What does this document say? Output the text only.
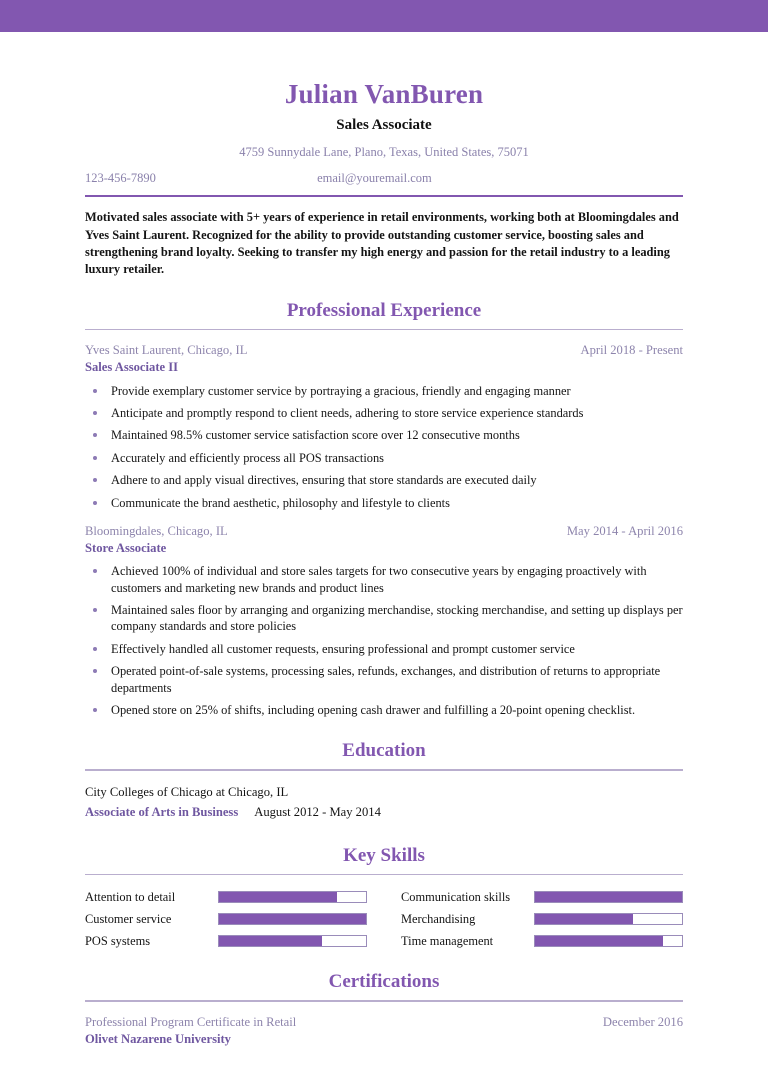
Julian VanBuren
Sales Associate
4759 Sunnydale Lane, Plano, Texas, United States, 75071
123-456-7890	email@youremail.com
Motivated sales associate with 5+ years of experience in retail environments, working both at Bloomingdales and Yves Saint Laurent. Recognized for the ability to provide outstanding customer service, boosting sales and strengthening brand loyalty. Seeking to transfer my high energy and passion for the retail industry to a leading luxury retailer.
Professional Experience
Yves Saint Laurent, Chicago, IL	April 2018 - Present
Sales Associate II
Provide exemplary customer service by portraying a gracious, friendly and engaging manner
Anticipate and promptly respond to client needs, adhering to store service experience standards
Maintained 98.5% customer service satisfaction score over 12 consecutive months
Accurately and efficiently process all POS transactions
Adhere to and apply visual directives, ensuring that store standards are executed daily
Communicate the brand aesthetic, philosophy and lifestyle to clients
Bloomingdales, Chicago, IL	May 2014 - April 2016
Store Associate
Achieved 100% of individual and store sales targets for two consecutive years by engaging proactively with customers and marketing new brands and product lines
Maintained sales floor by arranging and organizing merchandise, stocking merchandise, and setting up displays per company standards and store policies
Effectively handled all customer requests, ensuring professional and prompt customer service
Operated point-of-sale systems, processing sales, refunds, exchanges, and distribution of returns to appropriate departments
Opened store on 25% of shifts, including opening cash drawer and fulfilling a 20-point opening checklist.
Education
City Colleges of Chicago at Chicago, IL
Associate of Arts in Business August 2012 - May 2014
Key Skills
Attention to detail	Communication skills
Customer service	Merchandising
POS systems	Time management
Certifications
Professional Program Certificate in Retail	December 2016
Olivet Nazarene University
